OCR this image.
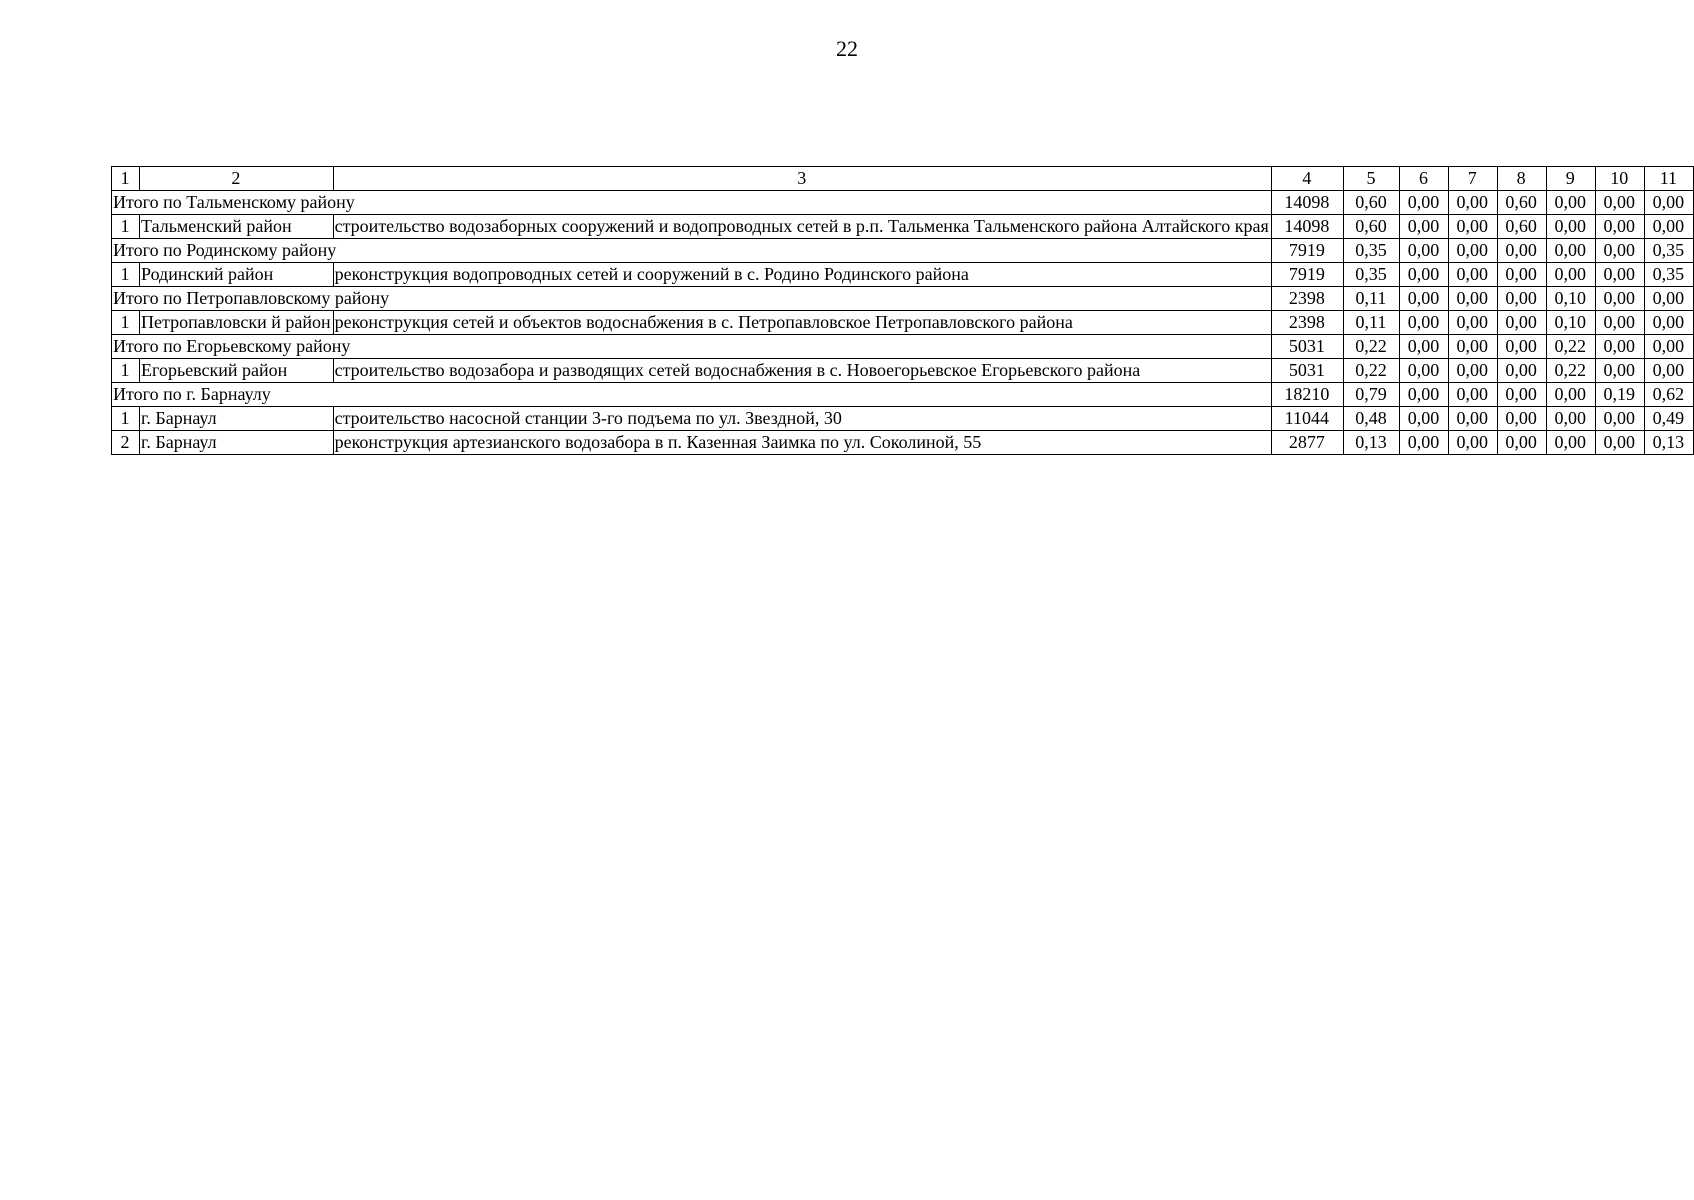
22
1	2	3	4	5	6	7	8	9	10	11
Итого по Тальменскому району			14098	0,60	0,00	0,00	0,60	0,00	0,00	0,00
1	Тальменский район	строительство водозаборных сооружений и водопроводных сетей в р.п. Тальменка Тальменского района Алтайского края	14098	0,60	0,00	0,00	0,60	0,00	0,00	0,00
Итого по Родинскому району			7919	0,35	0,00	0,00	0,00	0,00	0,00	0,35
1	Родинский район	реконструкция водопроводных сетей и сооружений в с. Родино Родинского района	7919	0,35	0,00	0,00	0,00	0,00	0,00	0,35
Итого по Петропавловскому району			2398	0,11	0,00	0,00	0,00	0,10	0,00	0,00
1	Петропавловски й район	реконструкция сетей и объектов водоснабжения в с. Петропавловское Петропавловского района	2398	0,11	0,00	0,00	0,00	0,10	0,00	0,00
Итого по Егорьевскому району			5031	0,22	0,00	0,00	0,00	0,22	0,00	0,00
1	Егорьевский район	строительство водозабора и разводящих сетей водоснабжения в с. Новоегорьевское Егорьевского района	5031	0,22	0,00	0,00	0,00	0,22	0,00	0,00
Итого по г. Барнаулу			18210	0,79	0,00	0,00	0,00	0,00	0,19	0,62
1	г. Барнаул	строительство насосной станции 3-го подъема по ул. Звездной, 30	11044	0,48	0,00	0,00	0,00	0,00	0,00	0,49
2	г. Барнаул	реконструкция артезианского водозабора в п. Казенная Заимка по ул. Соколиной, 55	2877	0,13	0,00	0,00	0,00	0,00	0,00	0,13
